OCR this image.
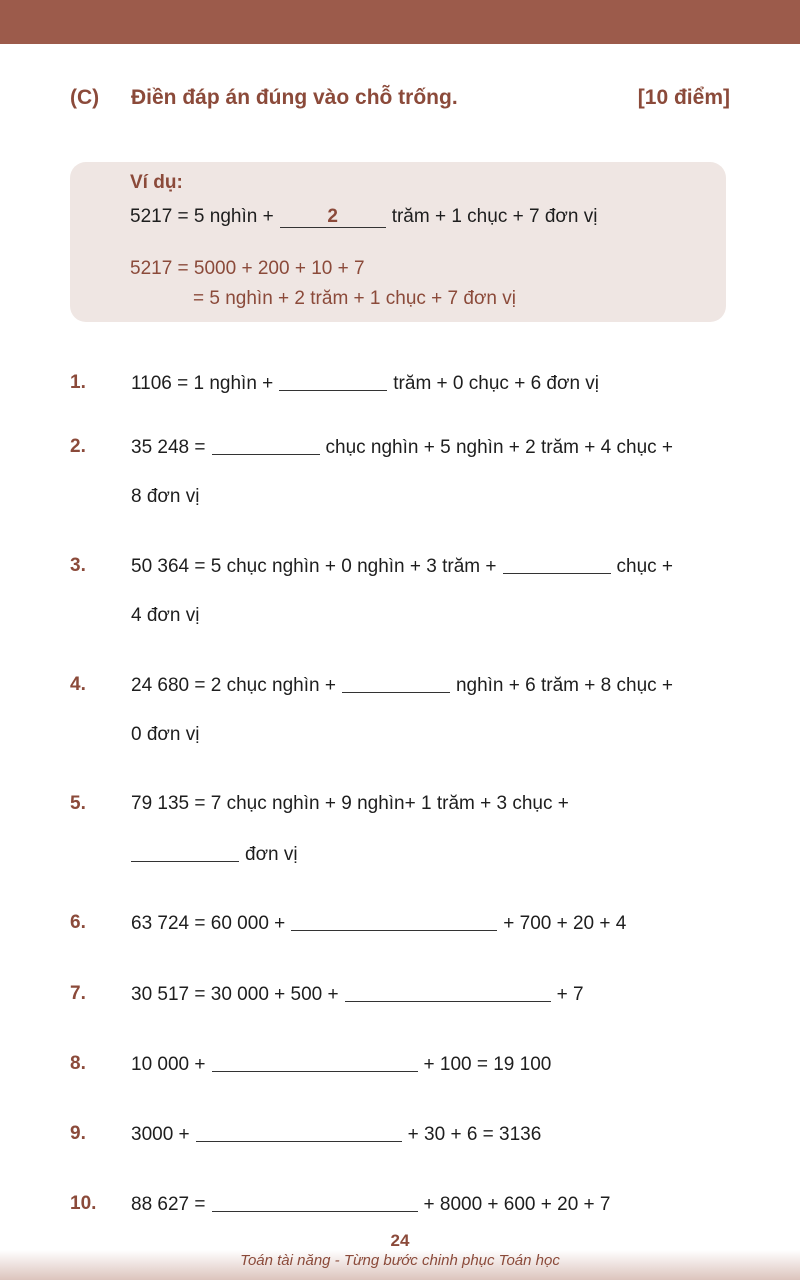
(C) Điền đáp án đúng vào chỗ trống.	[10 điểm]
Ví dụ:
5217 = 5 nghìn +	2	trăm + 1 chục + 7 đơn vị
5217 = 5000 + 200 + 10 + 7
= 5 nghìn + 2 trăm + 1 chục + 7 đơn vị
1.	1106 = 1 nghìn +	trăm + 0 chục + 6 đơn vị
2.	35 248 =	chục nghìn + 5 nghìn + 2 trăm + 4 chục +
8 đơn vị
3.	50 364 = 5 chục nghìn + 0 nghìn + 3 trăm +	chục +
4 đơn vị
4.	24 680 = 2 chục nghìn +	nghìn + 6 trăm + 8 chục +
0 đơn vị
5.	79 135 = 7 chục nghìn + 9 nghìn+ 1 trăm + 3 chục +
đơn vị
6.	63 724 = 60 000 +	+ 700 + 20 + 4
7.	30 517 = 30 000 + 500 +	+ 7
8.	10 000 +	+ 100 = 19 100
9.	3000 +	+ 30 + 6 = 3136
10.	88 627 =	+ 8000 + 600 + 20 + 7
24
Toán tài năng - Từng bước chinh phục Toán học
